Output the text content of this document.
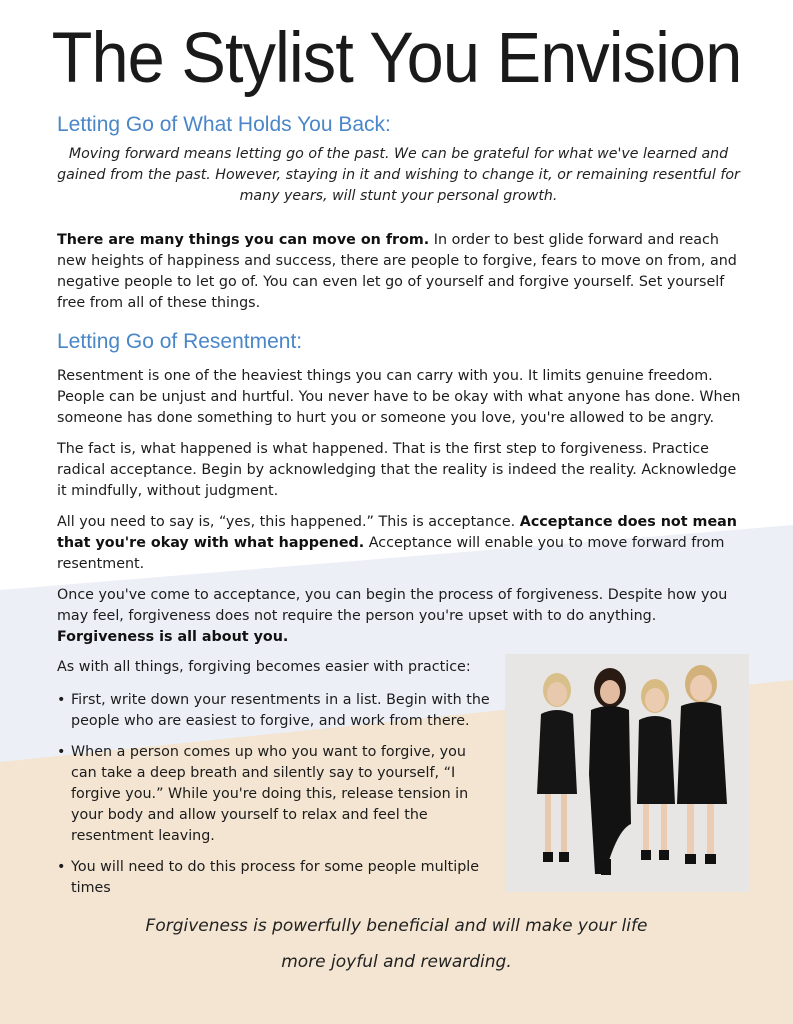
The Stylist You Envision
Letting Go of What Holds You Back:

Moving forward means letting go of the past. We can be grateful for what we've learned and gained from the past. However, staying in it and wishing to change it, or remaining resentful for many years, will stunt your personal growth.

There are many things you can move on from. In order to best glide forward and reach new heights of happiness and success, there are people to forgive, fears to move on from, and negative people to let go of. You can even let go of yourself and forgive yourself. Set yourself free from all of these things.

Letting Go of Resentment:

Resentment is one of the heaviest things you can carry with you. It limits genuine freedom. People can be unjust and hurtful. You never have to be okay with what anyone has done. When someone has done something to hurt you or someone you love, you're allowed to be angry.

The fact is, what happened is what happened. That is the first step to forgiveness. Practice radical acceptance. Begin by acknowledging that the reality is indeed the reality. Acknowledge it mindfully, without judgment.

All you need to say is, “yes, this happened.” This is acceptance. Acceptance does not mean that you're okay with what happened. Acceptance will enable you to move forward from resentment.

Once you've come to acceptance, you can begin the process of forgiveness. Despite how you may feel, forgiveness does not require the person you're upset with to do anything. Forgiveness is all about you.

As with all things, forgiving becomes easier with practice:

• First, write down your resentments in a list. Begin with the people who are easiest to forgive, and work from there.
• When a person comes up who you want to forgive, you can take a deep breath and silently say to yourself, “I forgive you.” While you're doing this, release tension in your body and allow yourself to relax and feel the resentment leaving.
• You will need to do this process for some people multiple times

Forgiveness is powerfully beneficial and will make your life

more joyful and rewarding.
